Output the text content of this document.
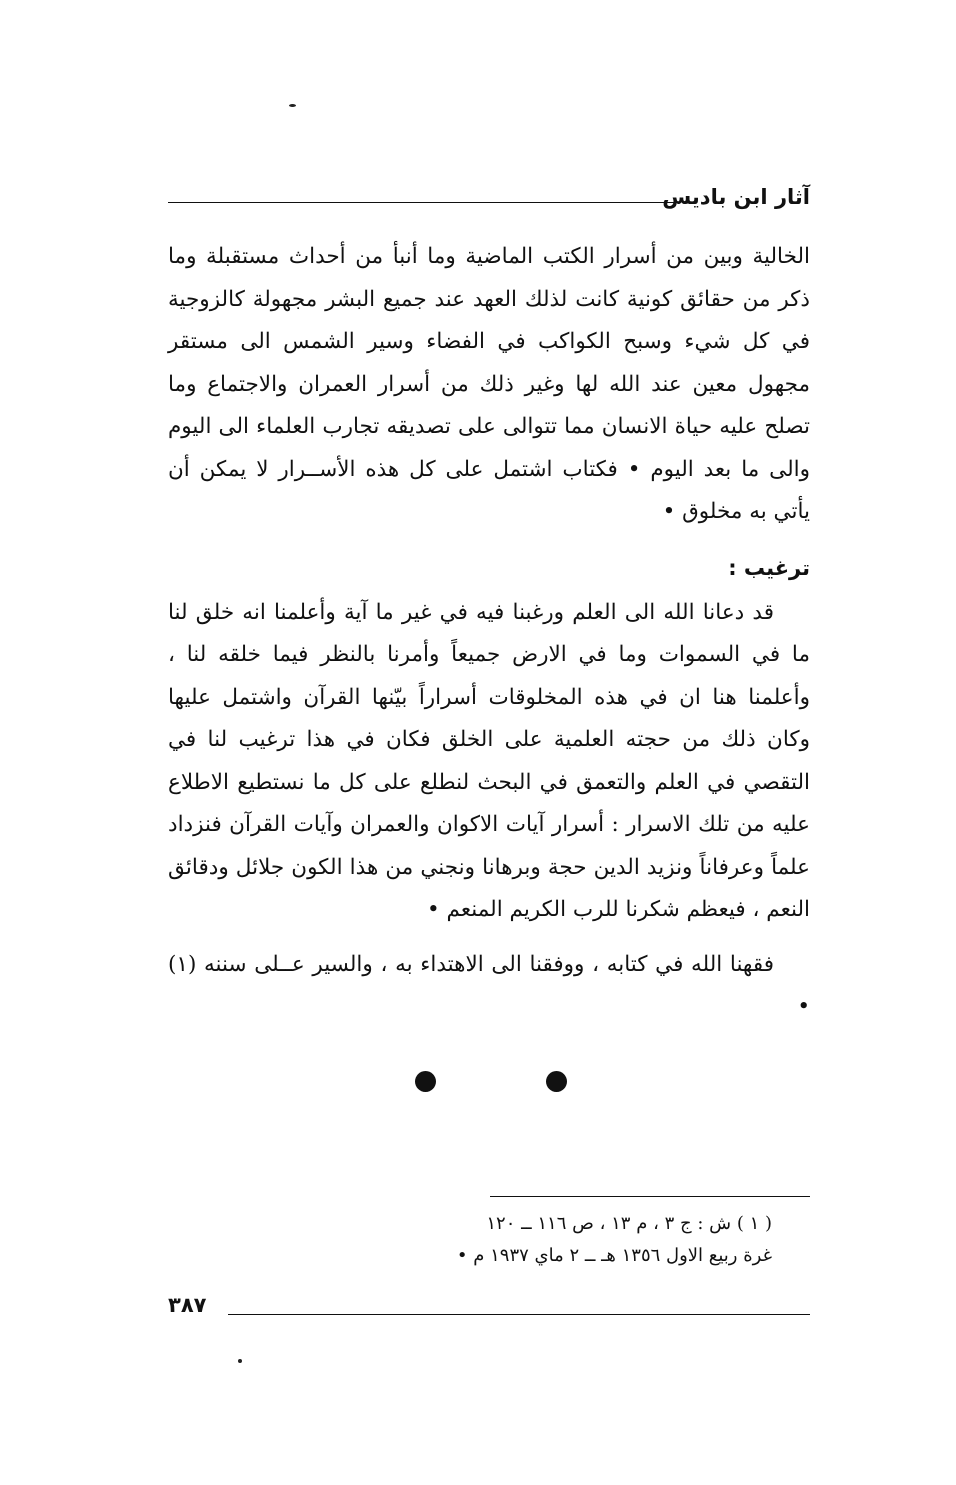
آثار ابن باديس

الخالية وبين من أسرار الكتب الماضية وما أنبأ من أحداث مستقبلة وما ذكر من حقائق كونية كانت لذلك العهد عند جميع البشر مجهولة كالزوجية في كل شيء وسبح الكواكب في الفضاء وسير الشمس الى مستقر مجهول معين عند الله لها وغير ذلك من أسرار العمران والاجتماع وما تصلح عليه حياة الانسان مما تتوالى على تصديقه تجارب العلماء الى اليوم والى ما بعد اليوم • فكتاب اشتمل على كل هذه الأســرار لا يمكن أن يأتي به مخلوق •

ترغيب :

قد دعانا الله الى العلم ورغبنا فيه في غير ما آية وأعلمنا انه خلق لنا ما في السموات وما في الارض جميعاً وأمرنا بالنظر فيما خلقه لنا ، وأعلمنا هنا ان في هذه المخلوقات أسراراً بيّنها القرآن واشتمل عليها وكان ذلك من حجته العلمية على الخلق فكان في هذا ترغيب لنا في التقصي في العلم والتعمق في البحث لنطلع على كل ما نستطيع الاطلاع عليه من تلك الاسرار : أسرار آيات الاكوان والعمران وآيات القرآن فنزداد علماً وعرفاناً ونزيد الدين حجة وبرهانا ونجني من هذا الكون جلائل ودقائق النعم ، فيعظم شكرنا للرب الكريم المنعم •

فقهنا الله في كتابه ، ووفقنا الى الاهتداء به ، والسير عــلى سننه (١) •

( ١ ) ش : ج ٣ ، م ١٣ ، ص ١١٦ ــ ١٢٠

غرة ربيع الاول ١٣٥٦ هـ ــ ٢ ماي ١٩٣٧ م •

٣٨٧
